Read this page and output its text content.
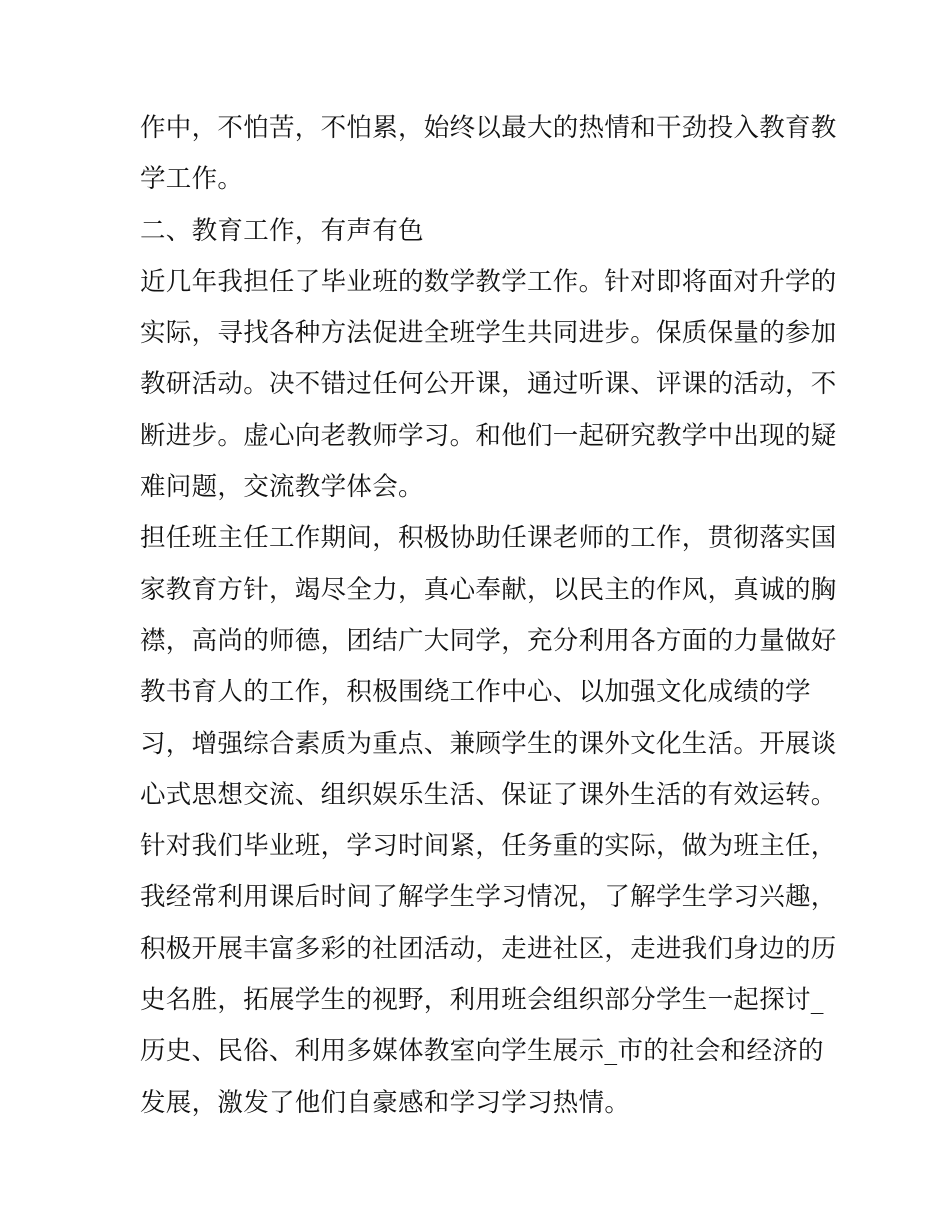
作中，不怕苦，不怕累，始终以最大的热情和干劲投入教育教
学工作。
二、教育工作，有声有色
近几年我担任了毕业班的数学教学工作。针对即将面对升学的
实际，寻找各种方法促进全班学生共同进步。保质保量的参加
教研活动。决不错过任何公开课，通过听课、评课的活动，不
断进步。虚心向老教师学习。和他们一起研究教学中出现的疑
难问题，交流教学体会。
担任班主任工作期间，积极协助任课老师的工作，贯彻落实国
家教育方针，竭尽全力，真心奉献，以民主的作风，真诚的胸
襟，高尚的师德，团结广大同学，充分利用各方面的力量做好
教书育人的工作，积极围绕工作中心、以加强文化成绩的学
习，增强综合素质为重点、兼顾学生的课外文化生活。开展谈
心式思想交流、组织娱乐生活、保证了课外生活的有效运转。
针对我们毕业班，学习时间紧，任务重的实际，做为班主任，
我经常利用课后时间了解学生学习情况，了解学生学习兴趣，
积极开展丰富多彩的社团活动，走进社区，走进我们身边的历
史名胜，拓展学生的视野，利用班会组织部分学生一起探讨_
历史、民俗、利用多媒体教室向学生展示_市的社会和经济的
发展，激发了他们自豪感和学习学习热情。
